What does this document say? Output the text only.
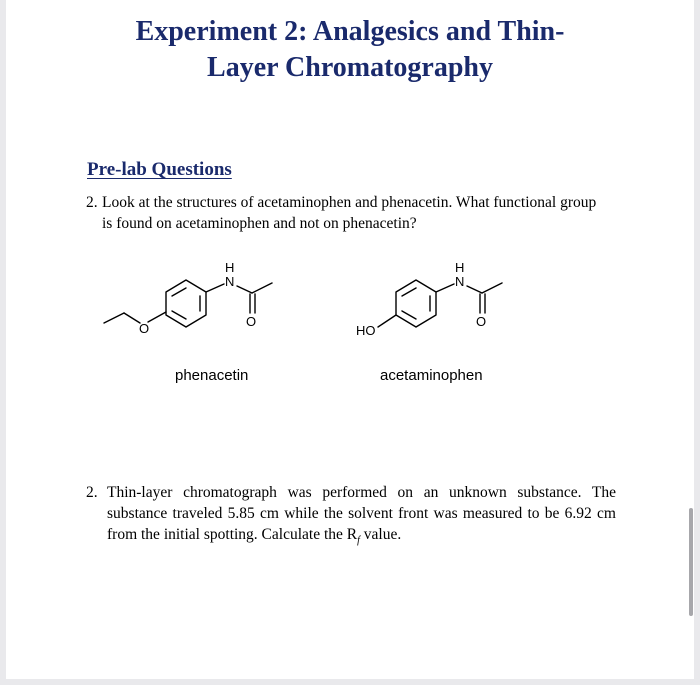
Experiment 2: Analgesics and Thin-
Layer Chromatography
Pre-lab Questions
2. Look at the structures of acetaminophen and phenacetin. What functional group
is found on acetaminophen and not on phenacetin?
O
H
N
O
HO
H
N
O
phenacetin	acetaminophen
2. Thin-layer chromatograph was performed on an unknown substance. The
substance traveled 5.85 cm while the solvent front was measured to be 6.92 cm
from the initial spotting. Calculate the $R_f$ value.
